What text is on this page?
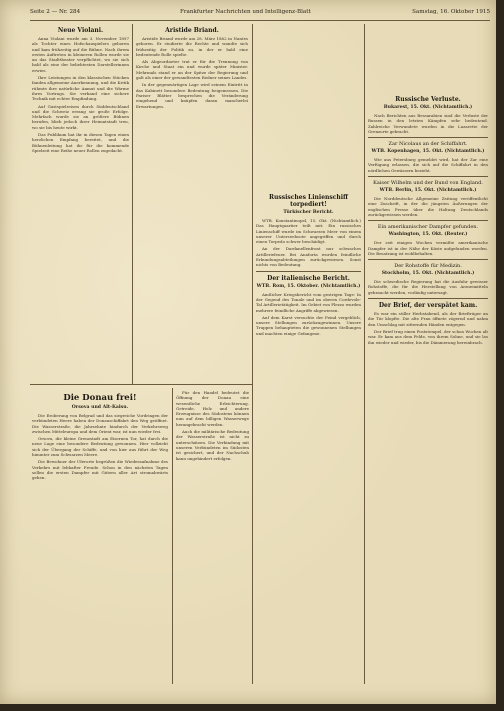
Seite 2 — Nr. 284	Frankfurter Nachrichten und Intelligenz-Blatt	Samstag, 16. Oktober 1915
Neue Violani.

Anna Violani wurde am 3. November 1897 als Tochter eines Hofschauspielers geboren und kam frühzeitig auf die Bühne. Nach ihrem ersten Auftreten in kleineren Rollen wurde sie an das Stadttheater verpflichtet, wo sie sich bald als eine der beliebtesten Darstellerinnen erwies.

Ihre Leistungen in den klassischen Stücken fanden allgemeine Anerkennung, und die Kritik rühmte ihre natürliche Anmut und die Wärme ihres Vortrags. Sie verband eine sichere Technik mit echter Empfindung.

Auf Gastspielreisen durch Süddeutschland und die Schweiz errang sie große Erfolge. Mehrfach wurde sie an größere Bühnen berufen, blieb jedoch ihrer Heimatstadt treu, wo sie bis heute wirkt.

Das Publikum hat ihr in diesen Tagen einen herzlichen Empfang bereitet, und die Bühnenleitung hat ihr für die kommende Spielzeit eine Reihe neuer Rollen zugedacht.

Aristide Briand.

Aristide Briand wurde am 28. März 1862 in Nantes geboren. Er studierte die Rechte und wandte sich frühzeitig der Politik zu, in der er bald eine bedeutende Rolle spielte.

Als Abgeordneter trat er für die Trennung von Kirche und Staat ein und wurde später Minister. Mehrmals stand er an der Spitze der Regierung und galt als einer der gewandtesten Redner seines Landes.

In der gegenwärtigen Lage wird seinem Eintritt in das Kabinett besondere Bedeutung beigemessen. Die Pariser Blätter besprechen die Veränderung eingehend und knüpfen daran mancherlei Erwartungen.

Russisches Linienschiff torpediert!
Türkischer Bericht.

WTB. Konstantinopel, 15. Okt. (Nichtamtlich.) Das Hauptquartier teilt mit: Ein russisches Linienschiff wurde im Schwarzen Meer von einem unserer Unterseeboote angegriffen und durch einen Torpedo schwer beschädigt.

An der Dardanellenfront nur schwaches Artilleriefeuer. Bei Anaforta wurden feindliche Erkundungsabteilungen zurückgewiesen. Sonst nichts von Bedeutung.

Der italienische Bericht.
WTB. Rom, 15. Oktober. (Nichtamtlich.)

Amtlicher Kriegsbericht vom gestrigen Tage: In der Gegend des Tonale und im oberen Cordevole-Tal Artillerietätigkeit. Im Gebiet von Plezzo wurden mehrere feindliche Angriffe abgewiesen.

Auf dem Karst versuchte der Feind vergeblich, unsere Stellungen zurückzugewinnen. Unsere Truppen behaupteten die gewonnenen Stellungen und machten einige Gefangene.

Russische Verluste.
Bukarest, 15. Okt. (Nichtamtlich.)

Nach Berichten aus Bessarabien sind die Verluste der Russen in den letzten Kämpfen sehr bedeutend. Zahlreiche Verwundete wurden in die Lazarette der Grenzorte gebracht.

Zar Nicolaus an der Schiffahrt.
WTB. Kopenhagen, 15. Okt. (Nichtamtlich.)

Wie aus Petersburg gemeldet wird, hat der Zar eine Verfügung erlassen, die sich auf die Schiffahrt in den nördlichen Gewässern bezieht.

Kaiser Wilhelm und der Bund von England.
WTB. Berlin, 15. Okt. (Nichtamtlich.)

Die Norddeutsche Allgemeine Zeitung veröffentlicht eine Zuschrift, in der die jüngsten Äußerungen der englischen Presse über die Haltung Deutschlands zurückgewiesen werden.

Ein amerikanischer Dampfer gefunden.
Washington, 15. Okt. (Reuter.)

Der seit einigen Wochen vermißte amerikanische Dampfer ist in der Nähe der Küste aufgefunden worden. Die Besatzung ist wohlbehalten.

Der Rohstoffe für Medizin.
Stockholm, 15. Okt. (Nichtamtlich.)

Die schwedische Regierung hat die Ausfuhr gewisser Rohstoffe, die für die Herstellung von Arzneimitteln gebraucht werden, vorläufig untersagt.

Der Brief, der verspätet kam.

Es war ein stiller Herbstabend, als der Briefträger an die Tür klopfte. Die alte Frau öffnete zögernd und nahm den Umschlag mit zitternden Händen entgegen.

Der Brief trug einen Poststempel, der schon Wochen alt war. Er kam aus dem Felde, von ihrem Sohne, und sie las ihn wieder und wieder, bis die Dämmerung hereinbrach.

Die Donau frei!
Orsova und Alt-Kalsu.

Die Eroberung von Belgrad und das siegreiche Vordringen der verbündeten Heere haben der Donauschiffahrt den Weg geöffnet. Die Wasserstraße, die Jahrzehnte hindurch der Verkehrsweg zwischen Mitteleuropa und dem Orient war, ist nun wieder frei.

Orsova, die kleine Grenzstadt am Eisernen Tor, hat durch die neue Lage eine besondere Bedeutung gewonnen. Hier vollzieht sich der Übergang der Schiffe, und von hier aus führt der Weg hinunter zum Schwarzen Meere.

Die Bewohner der Uferorte begrüßen die Wiederaufnahme des Verkehrs mit lebhafter Freude. Schon in den nächsten Tagen sollen die ersten Dampfer mit Gütern aller Art stromabwärts gehen.

Für den Handel bedeutet die Öffnung der Donau eine wesentliche Erleichterung. Getreide, Holz und andere Erzeugnisse des Südostens können nun auf dem billigen Wasserwege herangebracht werden.

Auch die militärische Bedeutung der Wasserstraße ist nicht zu unterschätzen. Die Verbindung mit unseren Verbündeten im Südosten ist gesichert, und der Nachschub kann ungehindert erfolgen.
